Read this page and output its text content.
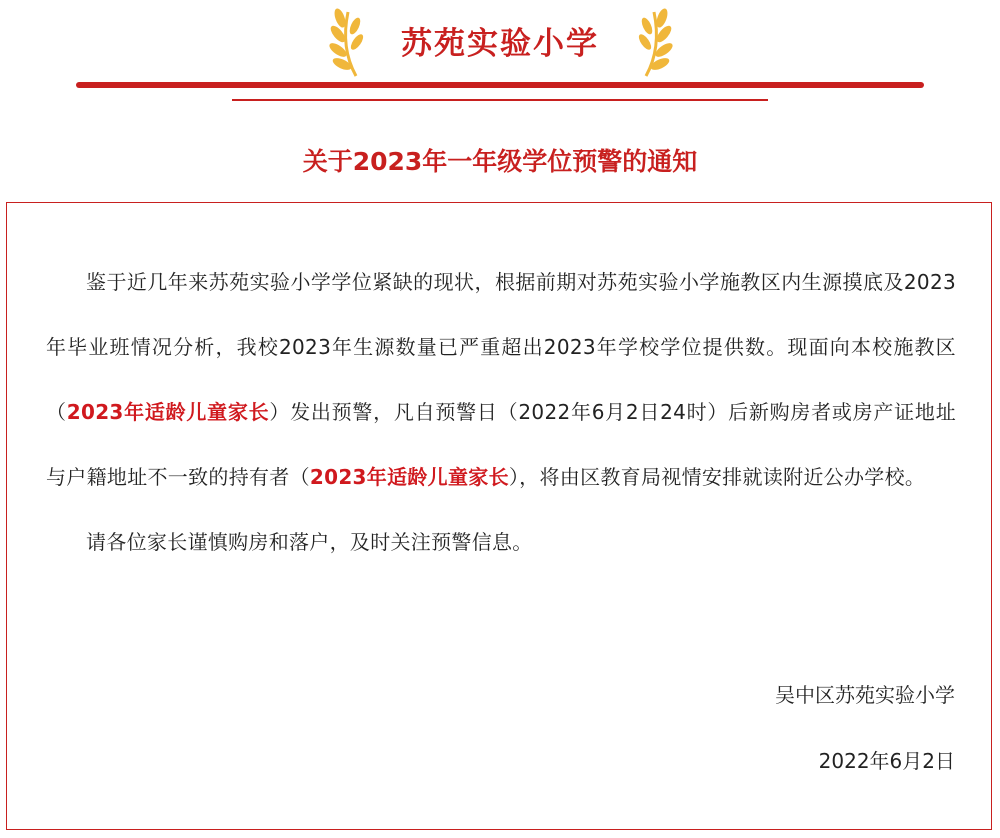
苏苑实验小学
关于2023年一年级学位预警的通知

鉴于近几年来苏苑实验小学学位紧缺的现状，根据前期对苏苑实验小学施教区内生源摸底及2023年毕业班情况分析，我校2023年生源数量已严重超出2023年学校学位提供数。现面向本校施教区（2023年适龄儿童家长）发出预警，凡自预警日（2022年6月2日24时）后新购房者或房产证地址与户籍地址不一致的持有者（2023年适龄儿童家长），将由区教育局视情安排就读附近公办学校。

请各位家长谨慎购房和落户，及时关注预警信息。

吴中区苏苑实验小学
2022年6月2日
